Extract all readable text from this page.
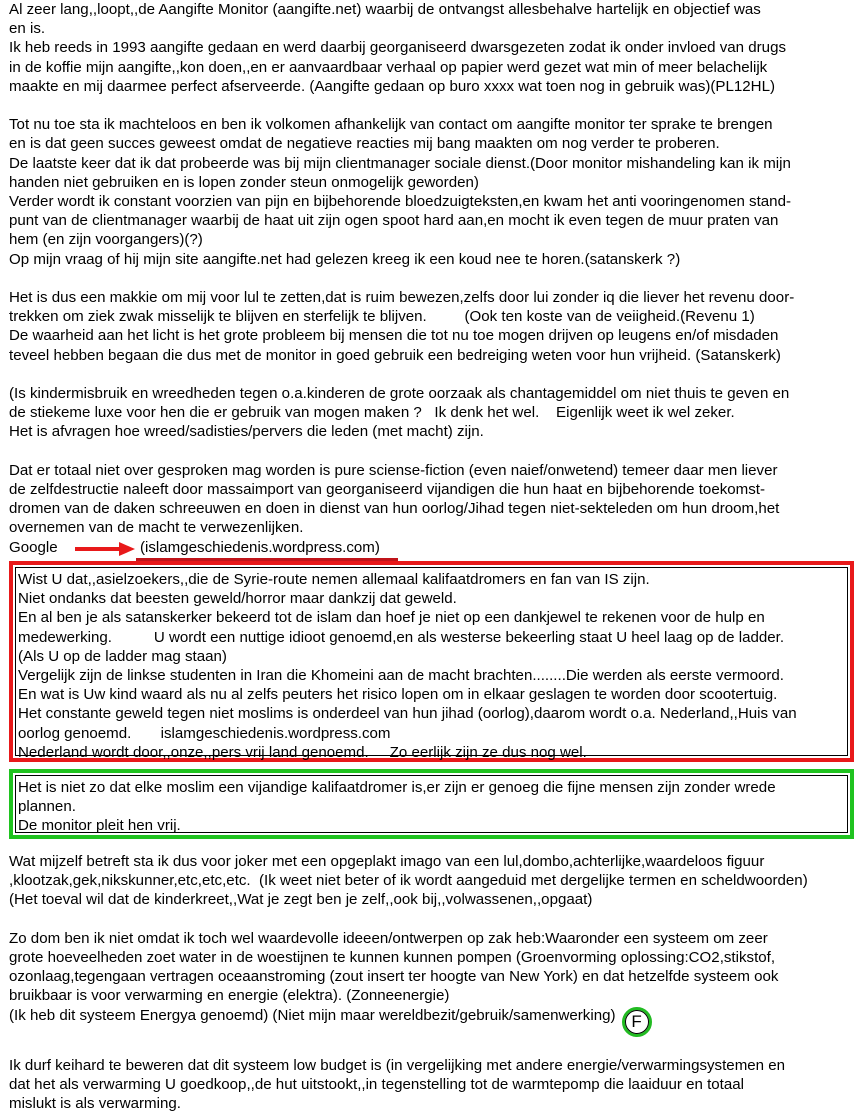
Al zeer lang,,loopt,,de Aangifte Monitor (aangifte.net) waarbij de ontvangst allesbehalve hartelijk en objectief was
en is.
Ik heb reeds in 1993 aangifte gedaan en werd daarbij georganiseerd dwarsgezeten zodat ik onder invloed van drugs
in de koffie mijn aangifte,,kon doen,,en er aanvaardbaar verhaal op papier werd gezet wat min of meer belachelijk
maakte en mij daarmee perfect afserveerde. (Aangifte gedaan op buro xxxx wat toen nog in gebruik was)(PL12HL)

Tot nu toe sta ik machteloos en ben ik volkomen afhankelijk van contact om aangifte monitor ter sprake te brengen
en is dat geen succes geweest omdat de negatieve reacties mij bang maakten om nog verder te proberen.
De laatste keer dat ik dat probeerde was bij mijn clientmanager sociale dienst.(Door monitor mishandeling kan ik mijn
handen niet gebruiken en is lopen zonder steun onmogelijk geworden)
Verder wordt ik constant voorzien van pijn en bijbehorende bloedzuigteksten,en kwam het anti vooringenomen stand-
punt van de clientmanager waarbij de haat uit zijn ogen spoot hard aan,en mocht ik even tegen de muur praten van
hem (en zijn voorgangers)(?)
Op mijn vraag of hij mijn site aangifte.net had gelezen kreeg ik een koud nee te horen.(satanskerk ?)

Het is dus een makkie om mij voor lul te zetten,dat is ruim bewezen,zelfs door lui zonder iq die liever het revenu door-
trekken om ziek zwak misselijk te blijven en sterfelijk te blijven.         (Ook ten koste van de veiigheid.(Revenu 1)
De waarheid aan het licht is het grote probleem bij mensen die tot nu toe mogen drijven op leugens en/of misdaden
teveel hebben begaan die dus met de monitor in goed gebruik een bedreiging weten voor hun vrijheid. (Satanskerk)

(Is kindermisbruik en wreedheden tegen o.a.kinderen de grote oorzaak als chantagemiddel om niet thuis te geven en
de stiekeme luxe voor hen die er gebruik van mogen maken ?   Ik denk het wel.    Eigenlijk weet ik wel zeker.
Het is afvragen hoe wreed/sadisties/pervers die leden (met macht) zijn.

Dat er totaal niet over gesproken mag worden is pure sciense-fiction (even naief/onwetend) temeer daar men liever
de zelfdestructie naleeft door massaimport van georganiseerd vijandigen die hun haat en bijbehorende toekomst-
dromen van de daken schreeuwen en doen in dienst van hun oorlog/Jihad tegen niet-sekteleden om hun droom,het
overnemen van de macht te verwezenlijken.

Google	(islamgeschiedenis.wordpress.com)
Wist U dat,,asielzoekers,,die de Syrie-route nemen allemaal kalifaatdromers en fan van IS zijn.
Niet ondanks dat beesten geweld/horror maar dankzij dat geweld.
En al ben je als satanskerker bekeerd tot de islam dan hoef je niet op een dankjewel te rekenen voor de hulp en
medewerking.          U wordt een nuttige idioot genoemd,en als westerse bekeerling staat U heel laag op de ladder.
(Als U op de ladder mag staan)
Vergelijk zijn de linkse studenten in Iran die Khomeini aan de macht brachten........Die werden als eerste vermoord.
En wat is Uw kind waard als nu al zelfs peuters het risico lopen om in elkaar geslagen te worden door scootertuig.
Het constante geweld tegen niet moslims is onderdeel van hun jihad (oorlog),daarom wordt o.a. Nederland,,Huis van
oorlog genoemd.       islamgeschiedenis.wordpress.com
Nederland wordt door,,onze,,pers vrij land genoemd.     Zo eerlijk zijn ze dus nog wel.
Het is niet zo dat elke moslim een vijandige kalifaatdromer is,er zijn er genoeg die fijne mensen zijn zonder wrede
plannen.
De monitor pleit hen vrij.

Wat mijzelf betreft sta ik dus voor joker met een opgeplakt imago van een lul,dombo,achterlijke,waardeloos figuur
,klootzak,gek,nikskunner,etc,etc,etc.  (Ik weet niet beter of ik wordt aangeduid met dergelijke termen en scheldwoorden)
(Het toeval wil dat de kinderkreet,,Wat je zegt ben je zelf,,ook bij,,volwassenen,,opgaat)

Zo dom ben ik niet omdat ik toch wel waardevolle ideeen/ontwerpen op zak heb:Waaronder een systeem om zeer
grote hoeveelheden zoet water in de woestijnen te kunnen kunnen pompen (Groenvorming oplossing:CO2,stikstof,
ozonlaag,tegengaan vertragen oceaanstroming (zout insert ter hoogte van New York) en dat hetzelfde systeem ook
bruikbaar is voor verwarming en energie (elektra). (Zonneenergie)
(Ik heb dit systeem Energya genoemd) (Niet mijn maar wereldbezit/gebruik/samenwerking) F

Ik durf keihard te beweren dat dit systeem low budget is (in vergelijking met andere energie/verwarmingsystemen en
dat het als verwarming U goedkoop,,de hut uitstookt,,in tegenstelling tot de warmtepomp die laaiduur en totaal
mislukt is als verwarming.
